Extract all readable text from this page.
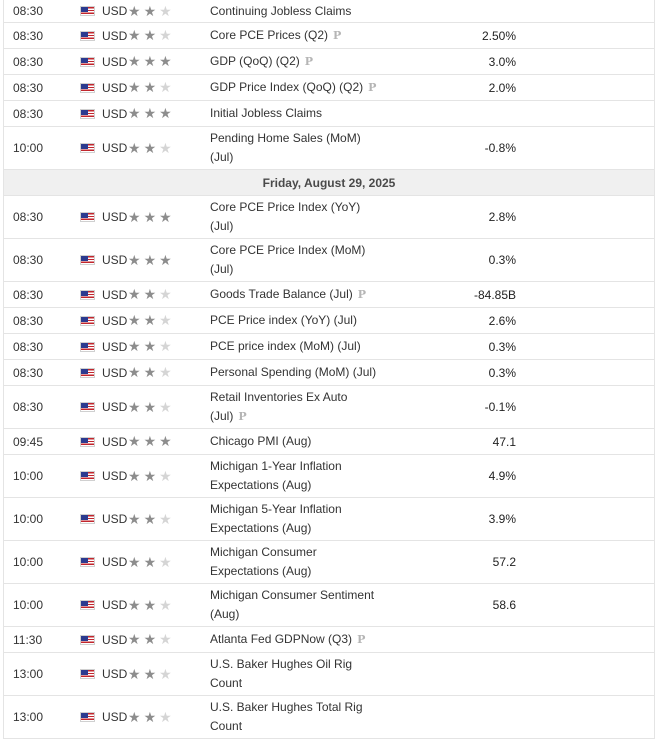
08:30	USD	★★★	Continuing Jobless Claims		
08:30	USD	★★★	Core PCE Prices (Q2) P	2.50%	
08:30	USD	★★★	GDP (QoQ) (Q2) P	3.0%	
08:30	USD	★★★	GDP Price Index (QoQ) (Q2) P	2.0%	
08:30	USD	★★★	Initial Jobless Claims		
10:00	USD	★★★	Pending Home Sales (MoM) (Jul)	-0.8%	
Friday, August 29, 2025					
08:30	USD	★★★	Core PCE Price Index (YoY) (Jul)	2.8%	
08:30	USD	★★★	Core PCE Price Index (MoM) (Jul)	0.3%	
08:30	USD	★★★	Goods Trade Balance (Jul) P	-84.85B	
08:30	USD	★★★	PCE Price index (YoY) (Jul)	2.6%	
08:30	USD	★★★	PCE price index (MoM) (Jul)	0.3%	
08:30	USD	★★★	Personal Spending (MoM) (Jul)	0.3%	
08:30	USD	★★★	Retail Inventories Ex Auto (Jul) P	-0.1%	
09:45	USD	★★★	Chicago PMI (Aug)	47.1	
10:00	USD	★★★	Michigan 1-Year Inflation Expectations (Aug)	4.9%	
10:00	USD	★★★	Michigan 5-Year Inflation Expectations (Aug)	3.9%	
10:00	USD	★★★	Michigan Consumer Expectations (Aug)	57.2	
10:00	USD	★★★	Michigan Consumer Sentiment (Aug)	58.6	
11:30	USD	★★★	Atlanta Fed GDPNow (Q3) P		
13:00	USD	★★★	U.S. Baker Hughes Oil Rig Count		
13:00	USD	★★★	U.S. Baker Hughes Total Rig Count		
